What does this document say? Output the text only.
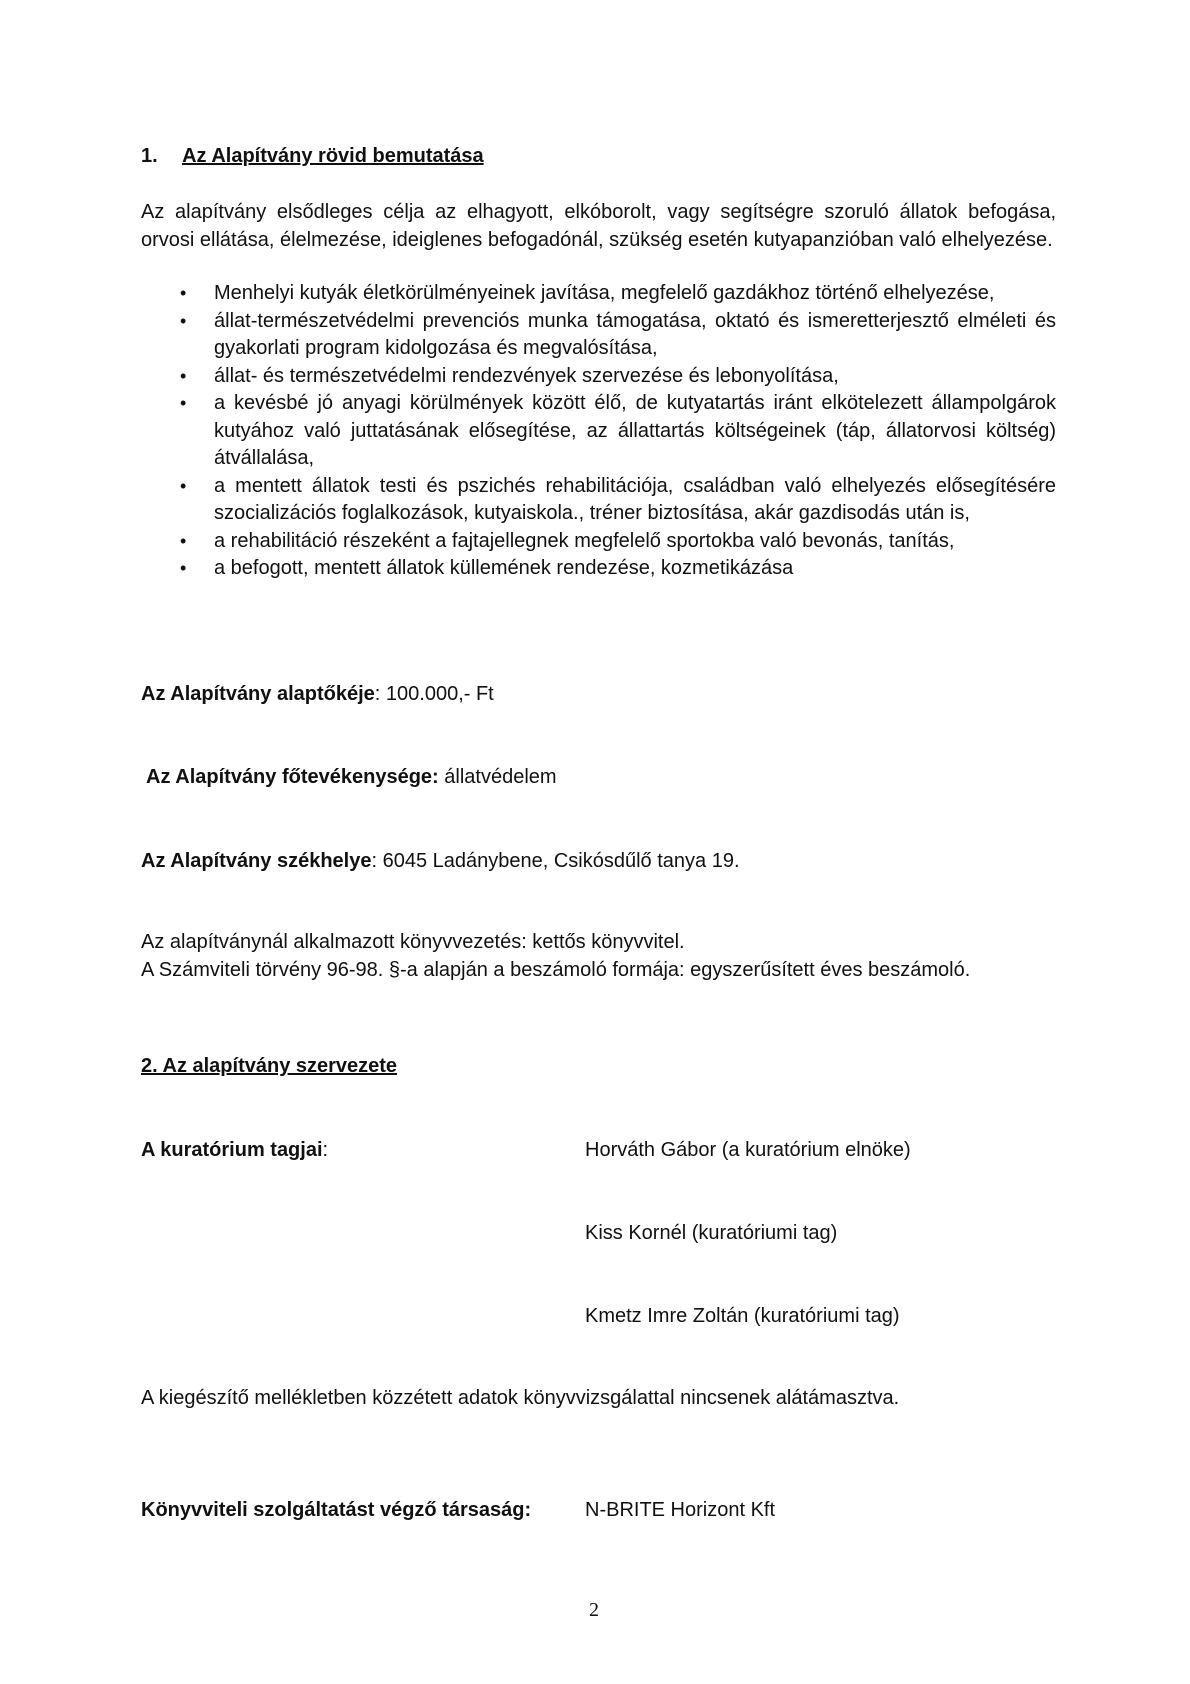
1. Az Alapítvány rövid bemutatása
Az alapítvány elsődleges célja az elhagyott, elkóborolt, vagy segítségre szoruló állatok befogása, orvosi ellátása, élelmezése, ideiglenes befogadónál, szükség esetén kutyapanzióban való elhelyezése.
• Menhelyi kutyák életkörülményeinek javítása, megfelelő gazdákhoz történő elhelyezése,
• állat-természetvédelmi prevenciós munka támogatása, oktató és ismeretterjesztő elméleti és gyakorlati program kidolgozása és megvalósítása,
• állat- és természetvédelmi rendezvények szervezése és lebonyolítása,
• a kevésbé jó anyagi körülmények között élő, de kutyatartás iránt elkötelezett állampolgárok kutyához való juttatásának elősegítése, az állattartás költségeinek (táp, állatorvosi költség) átvállalása,
• a mentett állatok testi és pszichés rehabilitációja, családban való elhelyezés elősegítésére szocializációs foglalkozások, kutyaiskola., tréner biztosítása, akár gazdisodás után is,
• a rehabilitáció részeként a fajtajellegnek megfelelő sportokba való bevonás, tanítás,
• a befogott, mentett állatok küllemének rendezése, kozmetikázása
Az Alapítvány alaptőkéje: 100.000,- Ft
Az Alapítvány főtevékenysége: állatvédelem
Az Alapítvány székhelye: 6045 Ladánybene, Csikósdűlő tanya 19.
Az alapítványnál alkalmazott könyvvezetés: kettős könyvvitel.
A Számviteli törvény 96-98. §-a alapján a beszámoló formája: egyszerűsített éves beszámoló.
2. Az alapítvány szervezete
A kuratórium tagjai:	Horváth Gábor (a kuratórium elnöke)
Kiss Kornél (kuratóriumi tag)
Kmetz Imre Zoltán (kuratóriumi tag)
A kiegészítő mellékletben közzétett adatok könyvvizsgálattal nincsenek alátámasztva.
Könyvviteli szolgáltatást végző társaság:	N-BRITE Horizont Kft
2
